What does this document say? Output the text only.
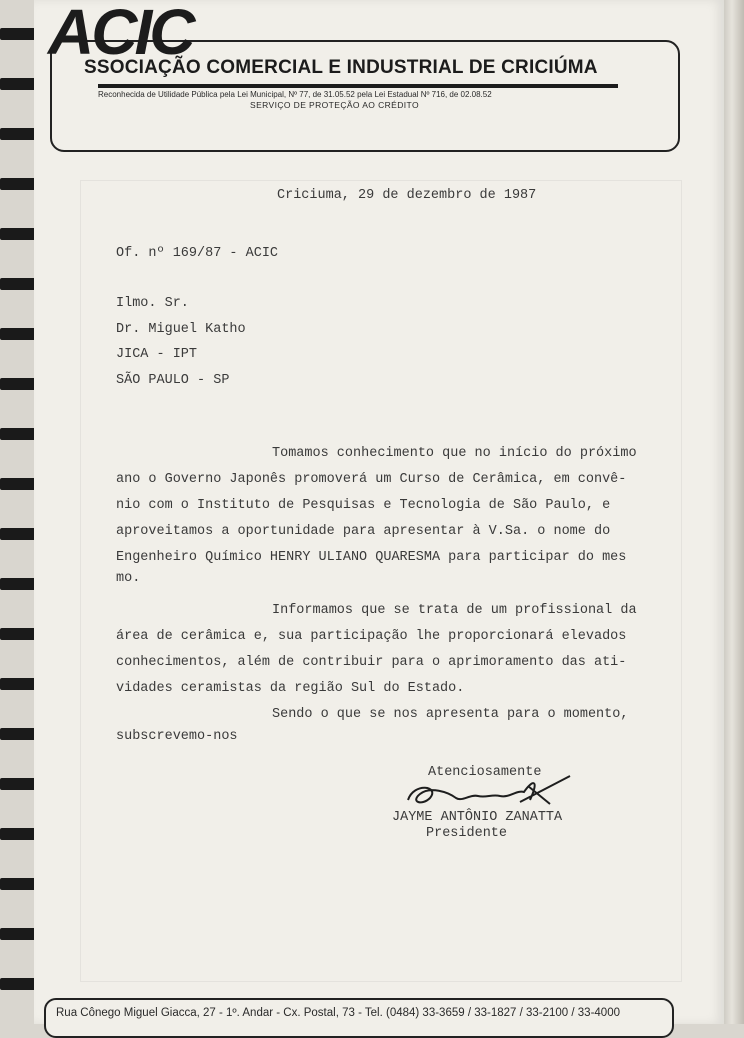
ACIC
SSOCIAÇÃO COMERCIAL E INDUSTRIAL DE CRICIÚMA
Reconhecida de Utilidade Pública pela Lei Municipal, Nº 77, de 31.05.52 pela Lei Estadual Nº 716, de 02.08.52
SERVIÇO DE PROTEÇÃO AO CRÉDITO
Criciuma, 29 de dezembro de 1987
Of. nº 169/87 - ACIC
Ilmo. Sr.
Dr. Miguel Katho
JICA - IPT
SÃO PAULO - SP
Tomamos conhecimento que no início do próximo
ano o Governo Japonês promoverá um Curso de Cerâmica, em convê-
nio com o Instituto de Pesquisas e Tecnologia de São Paulo, e
aproveitamos a oportunidade para apresentar à V.Sa. o nome do
Engenheiro Químico HENRY ULIANO QUARESMA para participar do mes
mo.
Informamos que se trata de um profissional da
área de cerâmica e, sua participação lhe proporcionará elevados
conhecimentos, além de contribuir para o aprimoramento das ati-
vidades ceramistas da região Sul do Estado.
Sendo o que se nos apresenta para o momento,
subscrevemo-nos
Atenciosamente
JAYME ANTÔNIO ZANATTA
Presidente
Rua Cônego Miguel Giacca, 27 - 1º. Andar - Cx. Postal, 73 - Tel. (0484) 33-3659 / 33-1827 / 33-2100 / 33-4000
